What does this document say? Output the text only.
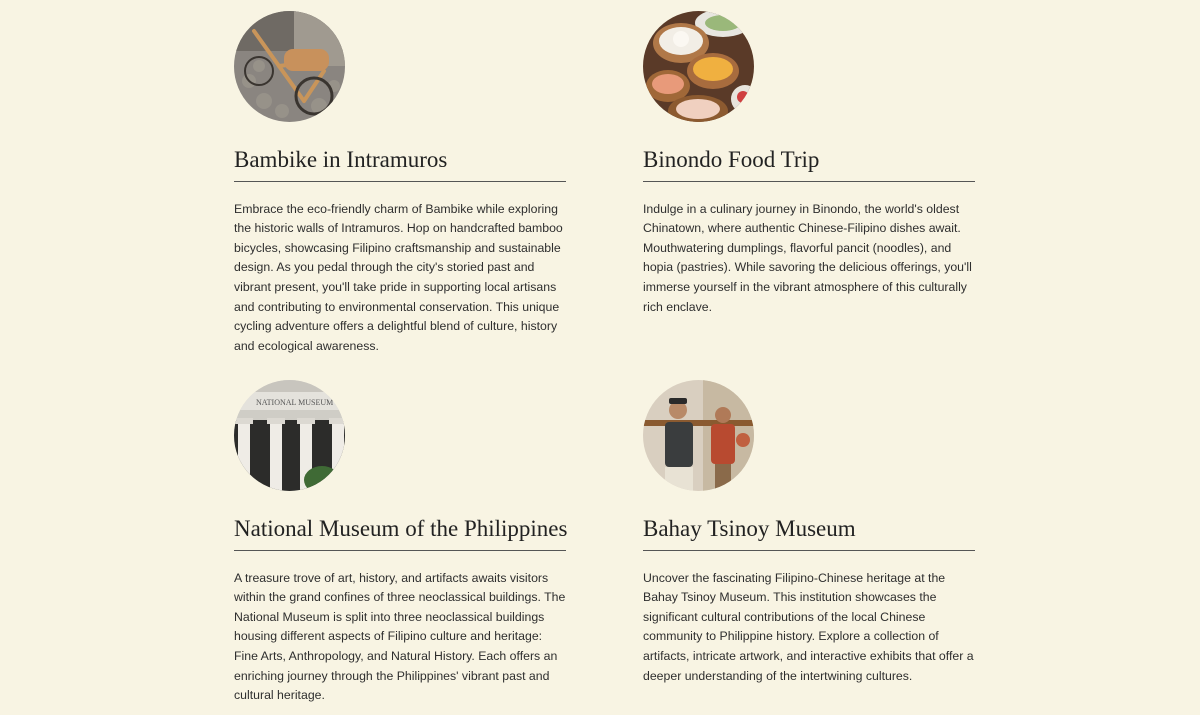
Bambike in Intramuros

Embrace the eco-friendly charm of Bambike while exploring the historic walls of Intramuros. Hop on handcrafted bamboo bicycles, showcasing Filipino craftsmanship and sustainable design. As you pedal through the city's storied past and vibrant present, you'll take pride in supporting local artisans and contributing to environmental conservation. This unique cycling adventure offers a delightful blend of culture, history and ecological awareness.

Binondo Food Trip

Indulge in a culinary journey in Binondo, the world's oldest Chinatown, where authentic Chinese-Filipino dishes await. Mouthwatering dumplings, flavorful pancit (noodles), and hopia (pastries). While savoring the delicious offerings, you'll immerse yourself in the vibrant atmosphere of this culturally rich enclave.

NATIONAL MUSEUM
National Museum of the Philippines

A treasure trove of art, history, and artifacts awaits visitors within the grand confines of three neoclassical buildings. The National Museum is split into three neoclassical buildings housing different aspects of Filipino culture and heritage: Fine Arts, Anthropology, and Natural History. Each offers an enriching journey through the Philippines' vibrant past and cultural heritage.

Bahay Tsinoy Museum

Uncover the fascinating Filipino-Chinese heritage at the Bahay Tsinoy Museum. This institution showcases the significant cultural contributions of the local Chinese community to Philippine history. Explore a collection of artifacts, intricate artwork, and interactive exhibits that offer a deeper understanding of the intertwining cultures.
